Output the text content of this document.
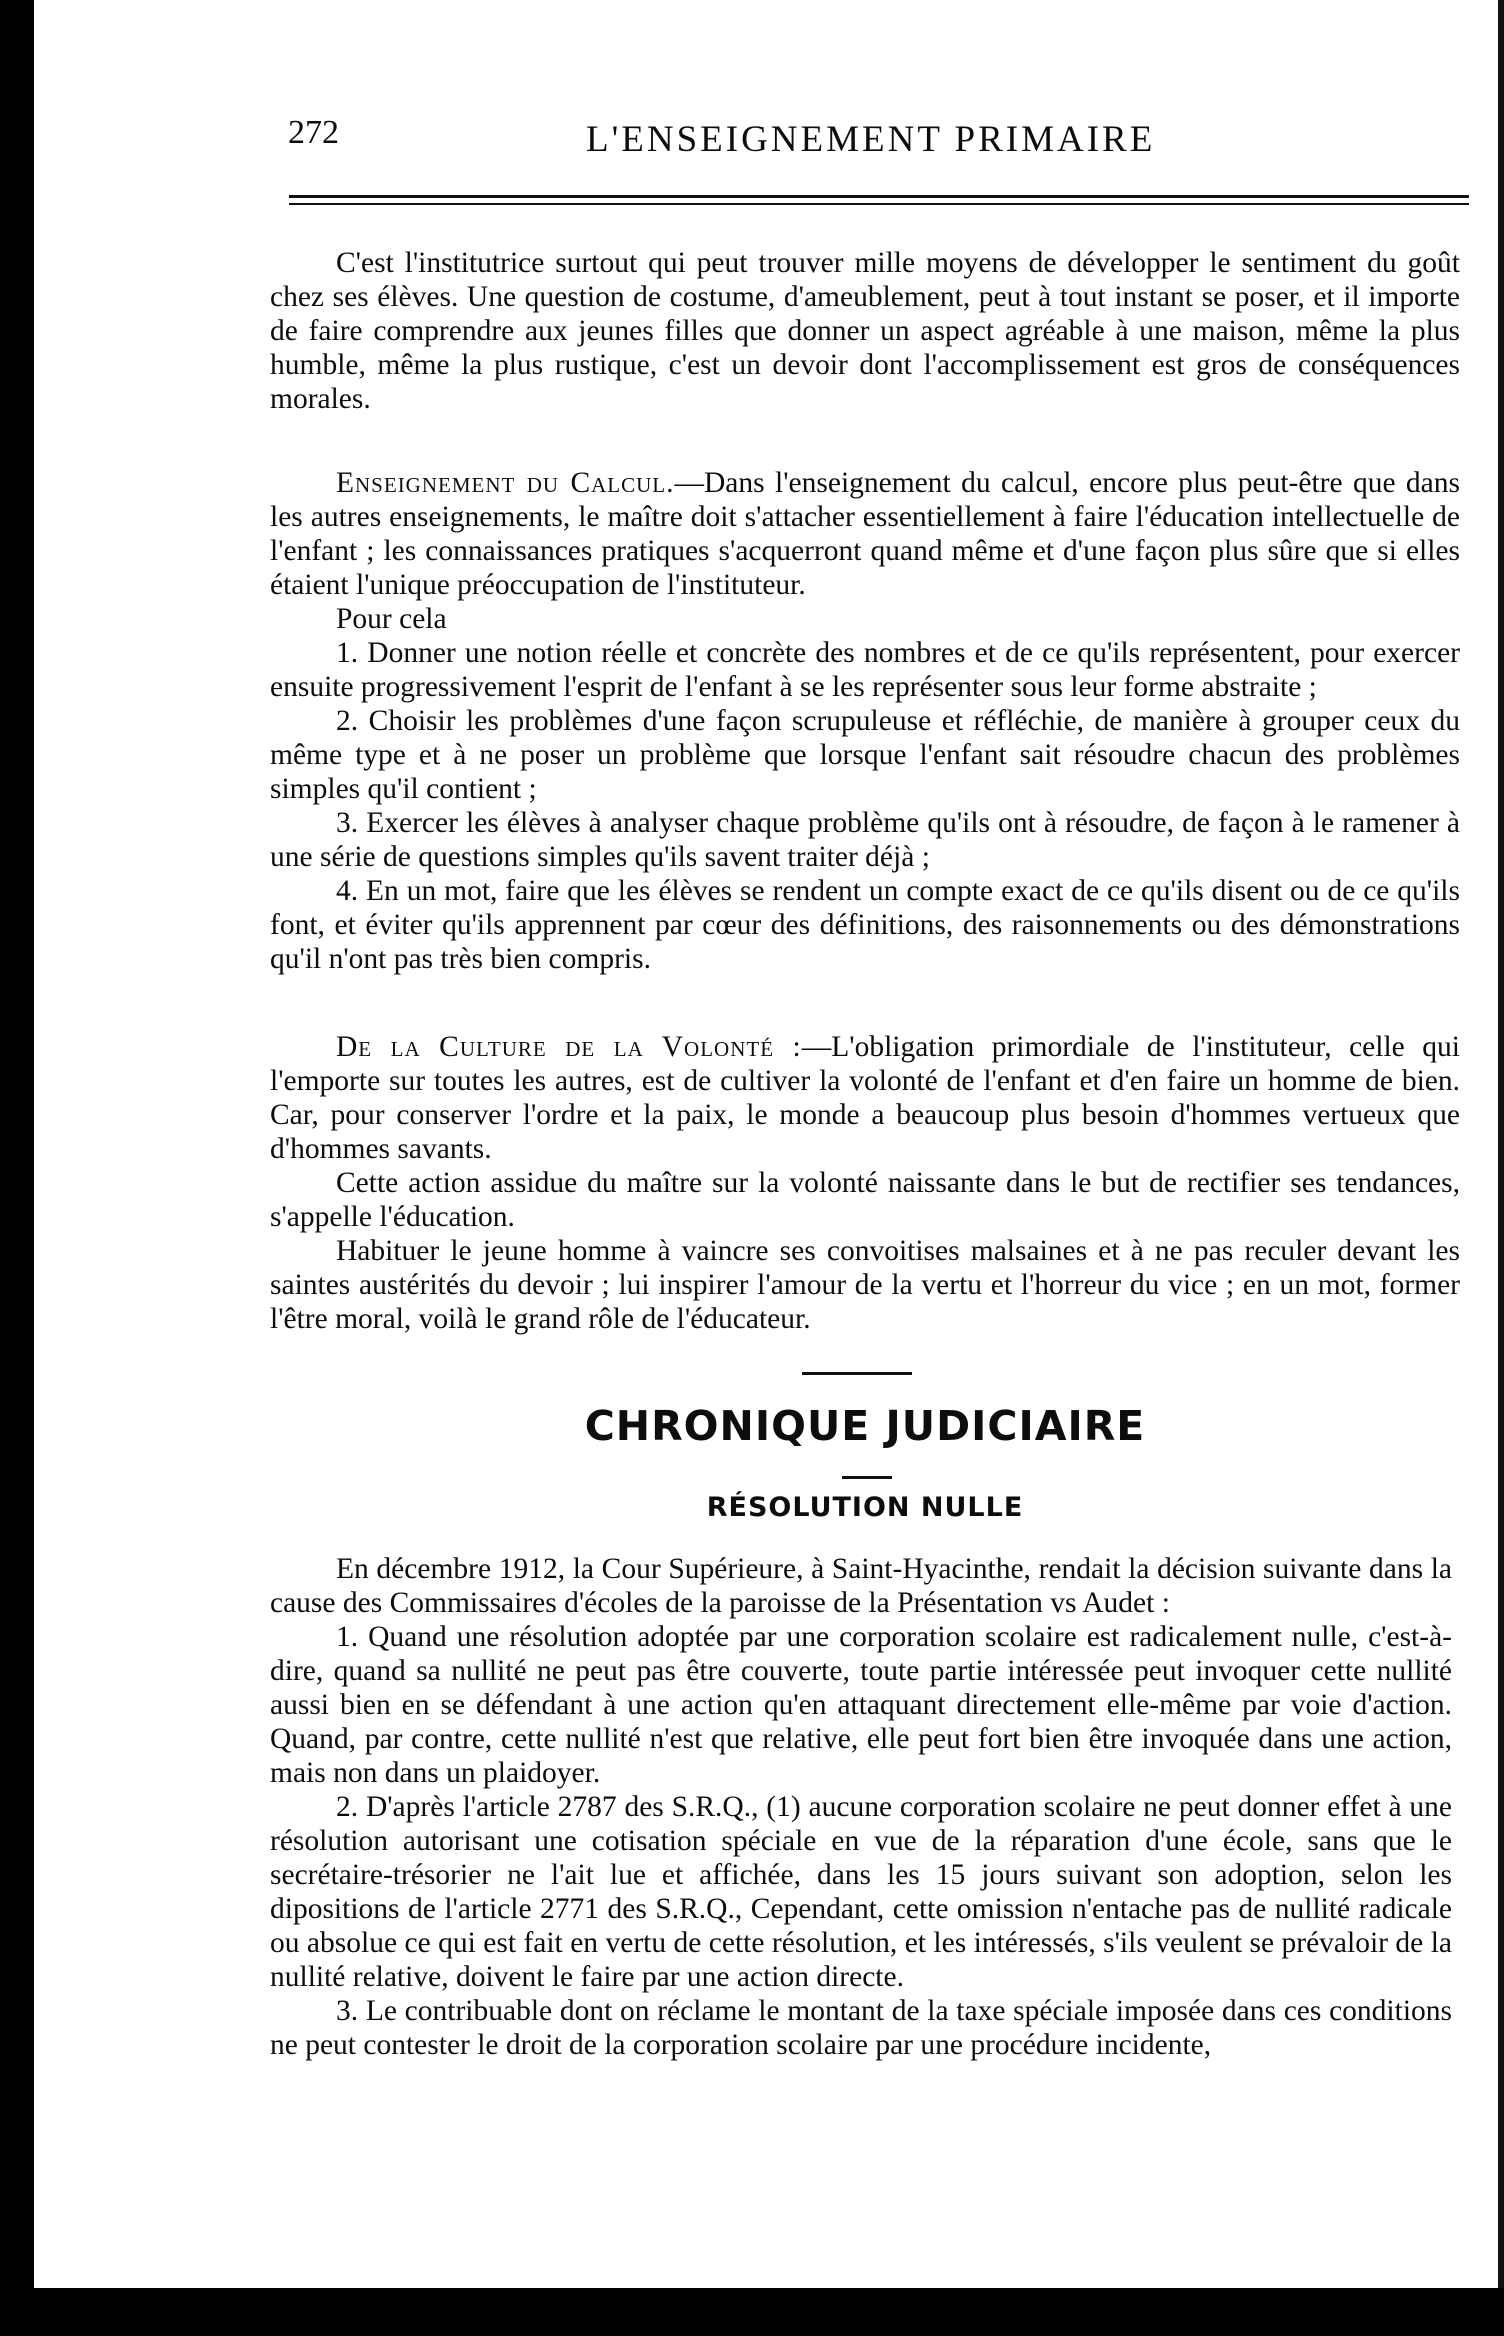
272	L'ENSEIGNEMENT PRIMAIRE

C'est l'institutrice surtout qui peut trouver mille moyens de développer le sentiment du goût chez ses élèves. Une question de costume, d'ameublement, peut à tout instant se poser, et il importe de faire comprendre aux jeunes filles que donner un aspect agréable à une maison, même la plus humble, même la plus rustique, c'est un devoir dont l'accomplissement est gros de conséquences morales.

Enseignement du Calcul.—Dans l'enseignement du calcul, encore plus peut-être que dans les autres enseignements, le maître doit s'attacher essentiellement à faire l'éducation intellectuelle de l'enfant ; les connaissances pratiques s'acquerront quand même et d'une façon plus sûre que si elles étaient l'unique préoccupation de l'instituteur.

Pour cela

1. Donner une notion réelle et concrète des nombres et de ce qu'ils représentent, pour exercer ensuite progressivement l'esprit de l'enfant à se les représenter sous leur forme abstraite ;

2. Choisir les problèmes d'une façon scrupuleuse et réfléchie, de manière à grouper ceux du même type et à ne poser un problème que lorsque l'enfant sait résoudre chacun des problèmes simples qu'il contient ;

3. Exercer les élèves à analyser chaque problème qu'ils ont à résoudre, de façon à le ramener à une série de questions simples qu'ils savent traiter déjà ;

4. En un mot, faire que les élèves se rendent un compte exact de ce qu'ils disent ou de ce qu'ils font, et éviter qu'ils apprennent par cœur des définitions, des raisonnements ou des démonstrations qu'il n'ont pas très bien compris.

De la Culture de la Volonté :—L'obligation primordiale de l'instituteur, celle qui l'emporte sur toutes les autres, est de cultiver la volonté de l'enfant et d'en faire un homme de bien. Car, pour conserver l'ordre et la paix, le monde a beaucoup plus besoin d'hommes vertueux que d'hommes savants.

Cette action assidue du maître sur la volonté naissante dans le but de rectifier ses tendances, s'appelle l'éducation.

Habituer le jeune homme à vaincre ses convoitises malsaines et à ne pas reculer devant les saintes austérités du devoir ; lui inspirer l'amour de la vertu et l'horreur du vice ; en un mot, former l'être moral, voilà le grand rôle de l'éducateur.

CHRONIQUE JUDICIAIRE
RÉSOLUTION NULLE

En décembre 1912, la Cour Supérieure, à Saint-Hyacinthe, rendait la décision suivante dans la cause des Commissaires d'écoles de la paroisse de la Présentation vs Audet :

1. Quand une résolution adoptée par une corporation scolaire est radicalement nulle, c'est-à-dire, quand sa nullité ne peut pas être couverte, toute partie intéressée peut invoquer cette nullité aussi bien en se défendant à une action qu'en attaquant directement elle-même par voie d'action. Quand, par contre, cette nullité n'est que relative, elle peut fort bien être invoquée dans une action, mais non dans un plaidoyer.

2. D'après l'article 2787 des S.R.Q., (1) aucune corporation scolaire ne peut donner effet à une résolution autorisant une cotisation spéciale en vue de la réparation d'une école, sans que le secrétaire-trésorier ne l'ait lue et affichée, dans les 15 jours suivant son adoption, selon les dipositions de l'article 2771 des S.R.Q., Cependant, cette omission n'entache pas de nullité radicale ou absolue ce qui est fait en vertu de cette résolution, et les intéressés, s'ils veulent se prévaloir de la nullité relative, doivent le faire par une action directe.

3. Le contribuable dont on réclame le montant de la taxe spéciale imposée dans ces conditions ne peut contester le droit de la corporation scolaire par une procédure incidente,
